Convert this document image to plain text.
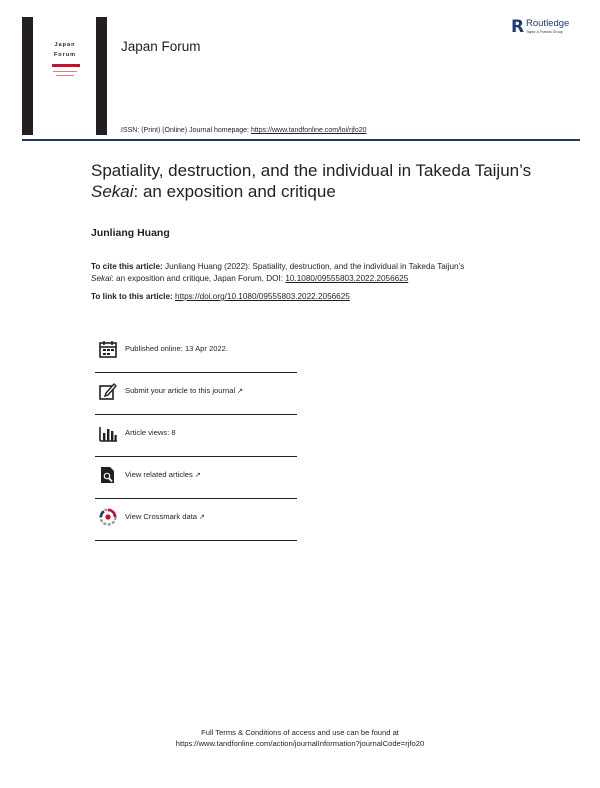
Japan
Forum
Japan Forum
ISSN: (Print) (Online) Journal homepage: https://www.tandfonline.com/loi/rjfo20
R Routledge
Taylor & Francis Group
Spatiality, destruction, and the individual in Takeda Taijun’s Sekai: an exposition and critique
Junliang Huang
To cite this article: Junliang Huang (2022): Spatiality, destruction, and the individual in Takeda Taijun’s Sekai: an exposition and critique, Japan Forum, DOI: 10.1080/09555803.2022.2056625
To link to this article: https://doi.org/10.1080/09555803.2022.2056625
Published online: 13 Apr 2022.
Submit your article to this journal ↗
Article views: 8
View related articles ↗
View Crossmark data ↗
Full Terms & Conditions of access and use can be found at
https://www.tandfonline.com/action/journalInformation?journalCode=rjfo20
